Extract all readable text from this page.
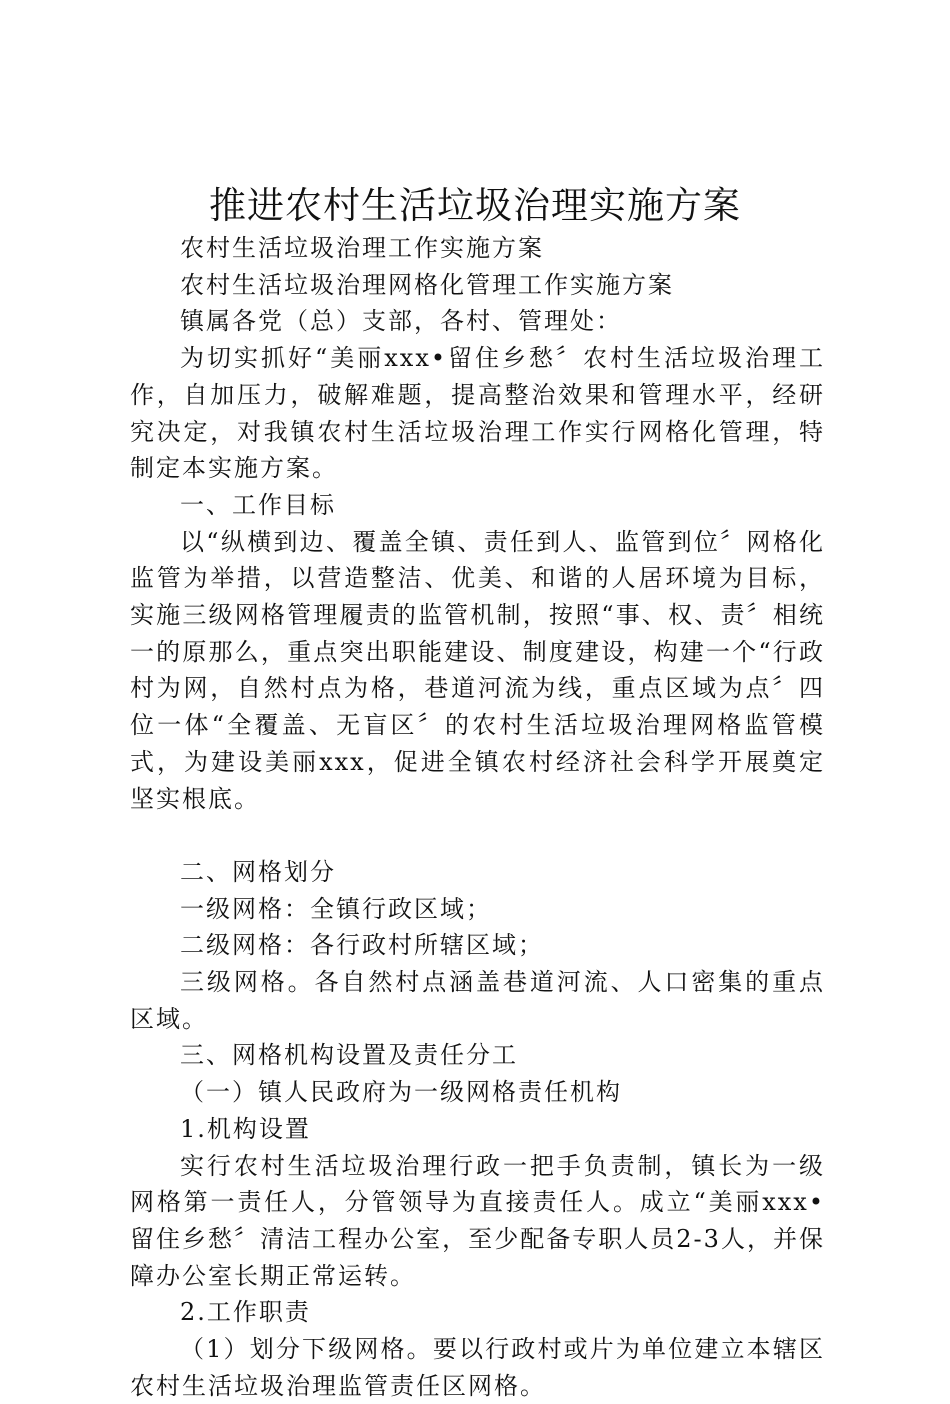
推进农村生活垃圾治理实施方案

农村生活垃圾治理工作实施方案

农村生活垃圾治理网格化管理工作实施方案

镇属各党（总）支部，各村、管理处：

为切实抓好“美丽xxx•留住乡愁〞农村生活垃圾治理工作，自加压力，破解难题，提高整治效果和管理水平，经研究决定，对我镇农村生活垃圾治理工作实行网格化管理，特制定本实施方案。

一、工作目标

以“纵横到边、覆盖全镇、责任到人、监管到位〞网格化监管为举措，以营造整洁、优美、和谐的人居环境为目标，实施三级网格管理履责的监管机制，按照“事、权、责〞相统一的原那么，重点突出职能建设、制度建设，构建一个“行政村为网，自然村点为格，巷道河流为线，重点区域为点〞四位一体“全覆盖、无盲区〞的农村生活垃圾治理网格监管模式，为建设美丽xxx，促进全镇农村经济社会科学开展奠定坚实根底。

二、网格划分

一级网格：全镇行政区域；

二级网格：各行政村所辖区域；

三级网格。各自然村点涵盖巷道河流、人口密集的重点区域。

三、网格机构设置及责任分工

（一）镇人民政府为一级网格责任机构

1.机构设置

实行农村生活垃圾治理行政一把手负责制，镇长为一级网格第一责任人，分管领导为直接责任人。成立“美丽xxx•留住乡愁〞清洁工程办公室，至少配备专职人员2-3人，并保障办公室长期正常运转。

2.工作职责

（1）划分下级网格。要以行政村或片为单位建立本辖区农村生活垃圾治理监管责任区网格。
